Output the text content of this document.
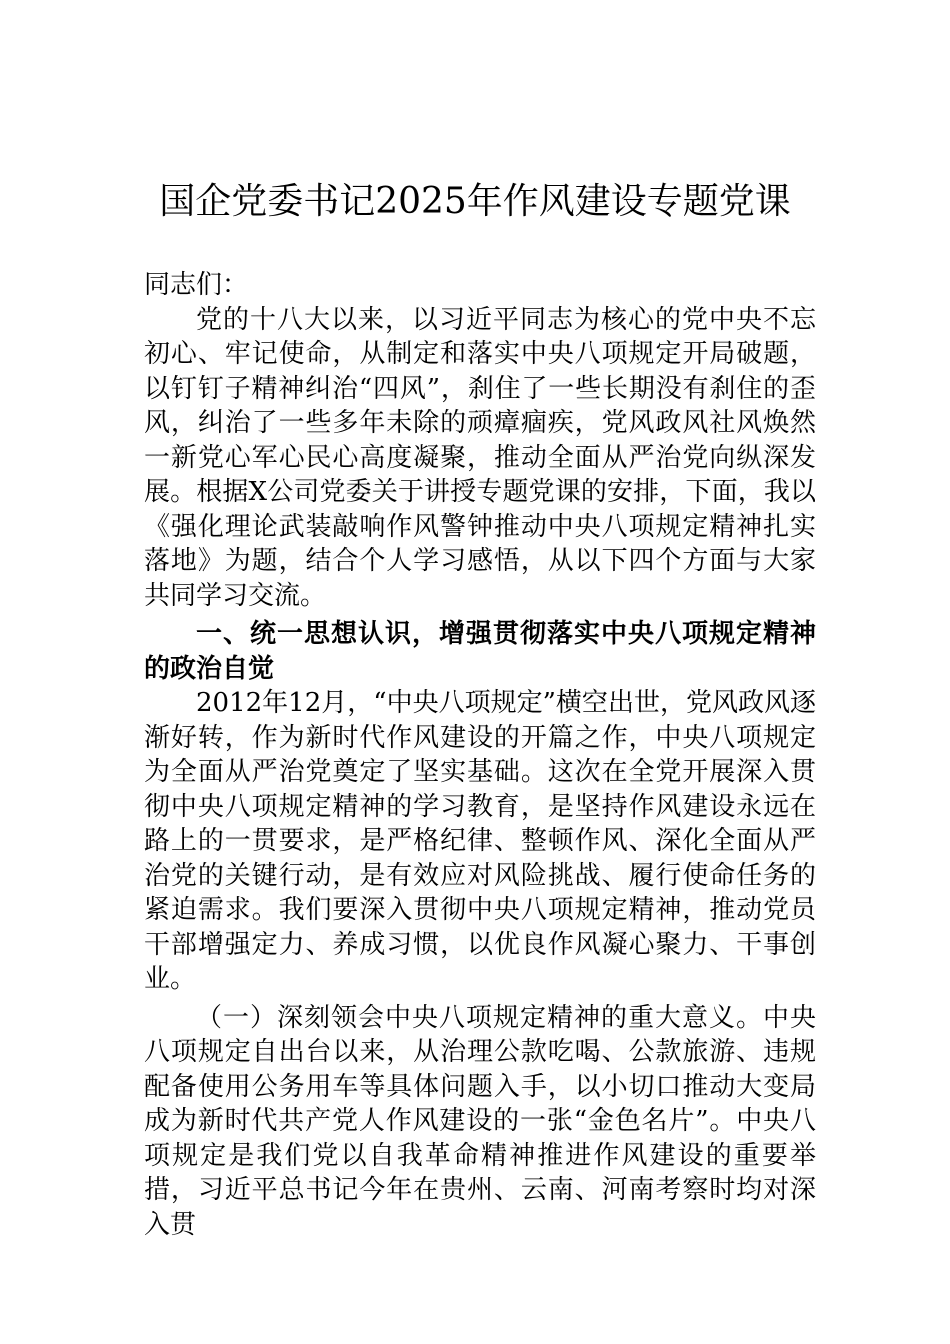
国企党委书记2025年作风建设专题党课

同志们：

党的十八大以来，以习近平同志为核心的党中央不忘初心、牢记使命，从制定和落实中央八项规定开局破题，以钉钉子精神纠治“四风”，刹住了一些长期没有刹住的歪风，纠治了一些多年未除的顽瘴痼疾，党风政风社风焕然一新党心军心民心高度凝聚，推动全面从严治党向纵深发展。根据X公司党委关于讲授专题党课的安排，下面，我以《强化理论武装敲响作风警钟推动中央八项规定精神扎实落地》为题，结合个人学习感悟，从以下四个方面与大家共同学习交流。

一、统一思想认识，增强贯彻落实中央八项规定精神的政治自觉

2012年12月，“中央八项规定”横空出世，党风政风逐渐好转，作为新时代作风建设的开篇之作，中央八项规定为全面从严治党奠定了坚实基础。这次在全党开展深入贯彻中央八项规定精神的学习教育，是坚持作风建设永远在路上的一贯要求，是严格纪律、整顿作风、深化全面从严治党的关键行动，是有效应对风险挑战、履行使命任务的紧迫需求。我们要深入贯彻中央八项规定精神，推动党员干部增强定力、养成习惯，以优良作风凝心聚力、干事创业。

（一）深刻领会中央八项规定精神的重大意义。中央八项规定自出台以来，从治理公款吃喝、公款旅游、违规配备使用公务用车等具体问题入手，以小切口推动大变局成为新时代共产党人作风建设的一张“金色名片”。中央八项规定是我们党以自我革命精神推进作风建设的重要举措，习近平总书记今年在贵州、云南、河南考察时均对深入贯
